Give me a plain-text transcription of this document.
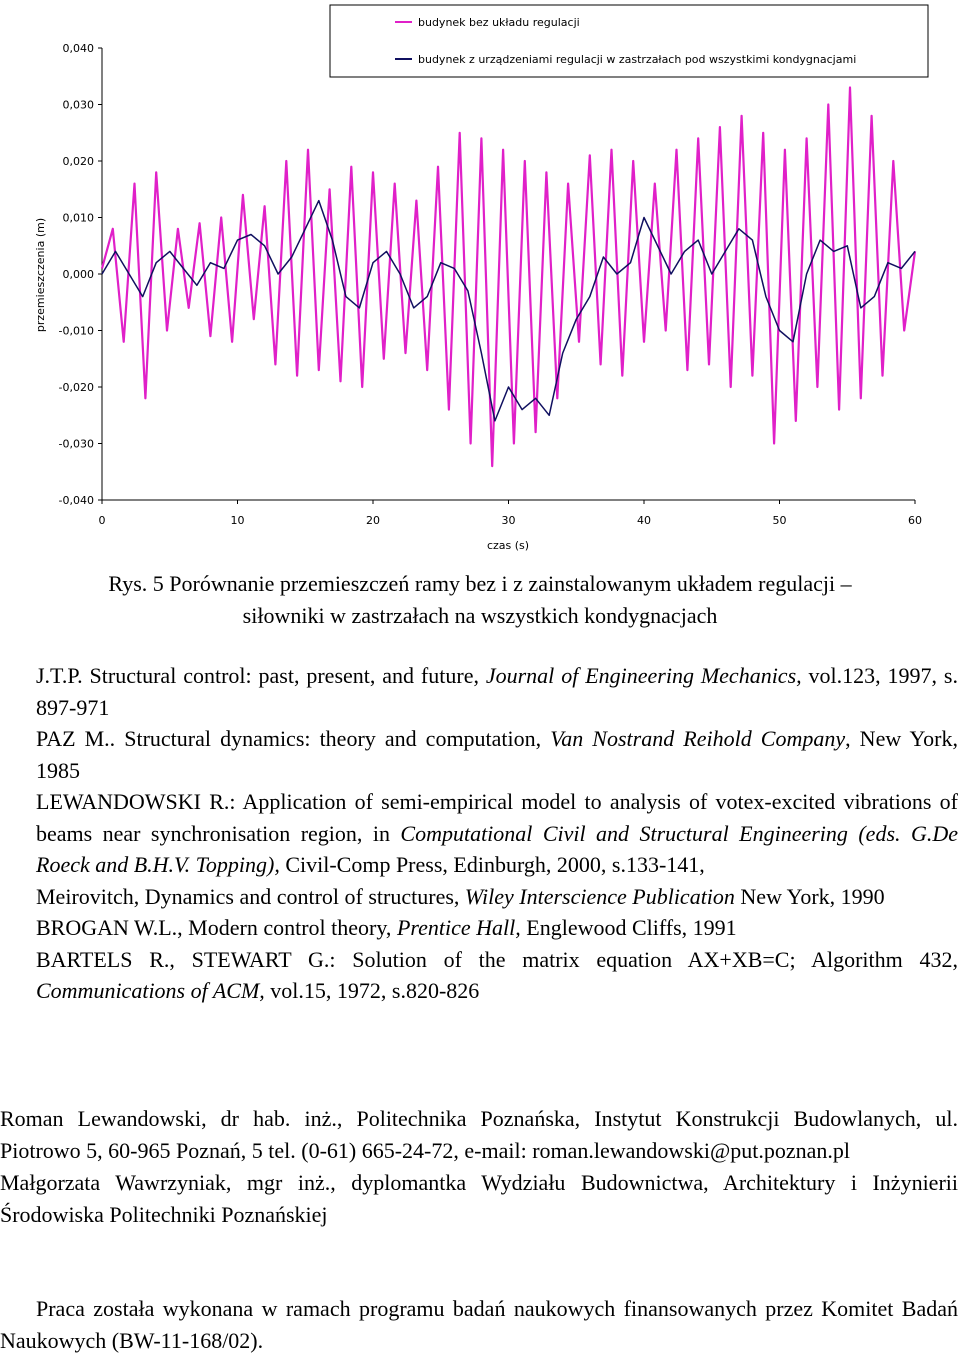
0,040
0,030
0,020
0,010
0,000
-0,010
-0,020
-0,030
-0,040
0	10	20	30	40	50	60
przemieszczenia (m)
czas (s)
budynek bez układu regulacji
budynek z urządzeniami regulacji w zastrzałach pod wszystkimi kondygnacjami
Rys. 5 Porównanie przemieszczeń ramy bez i z zainstalowanym układem regulacji –
siłowniki w zastrzałach na wszystkich kondygnacjach
J.T.P. Structural control: past, present, and future, Journal of Engineering Mechanics, vol.123, 1997, s. 897-971
PAZ M.. Structural dynamics: theory and computation, Van Nostrand Reihold Company, New York, 1985
LEWANDOWSKI R.: Application of semi-empirical model to analysis of votex-excited vibrations of beams near synchronisation region, in Computational Civil and Structural Engineering (eds. G.De Roeck and B.H.V. Topping), Civil-Comp Press, Edinburgh, 2000, s.133-141,
Meirovitch, Dynamics and control of structures, Wiley Interscience Publication New York, 1990
BROGAN W.L., Modern control theory, Prentice Hall, Englewood Cliffs, 1991
BARTELS R., STEWART G.: Solution of the matrix equation AX+XB=C; Algorithm 432, Communications of ACM, vol.15, 1972, s.820-826
Roman Lewandowski, dr hab. inż., Politechnika Poznańska, Instytut Konstrukcji Budowlanych, ul. Piotrowo 5, 60-965 Poznań, 5 tel. (0-61) 665-24-72, e-mail: roman.lewandowski@put.poznan.pl
Małgorzata Wawrzyniak, mgr inż., dyplomantka Wydziału Budownictwa, Architektury i Inżynierii Środowiska Politechniki Poznańskiej
Praca została wykonana w ramach programu badań naukowych finansowanych przez Komitet Badań Naukowych (BW-11-168/02).
